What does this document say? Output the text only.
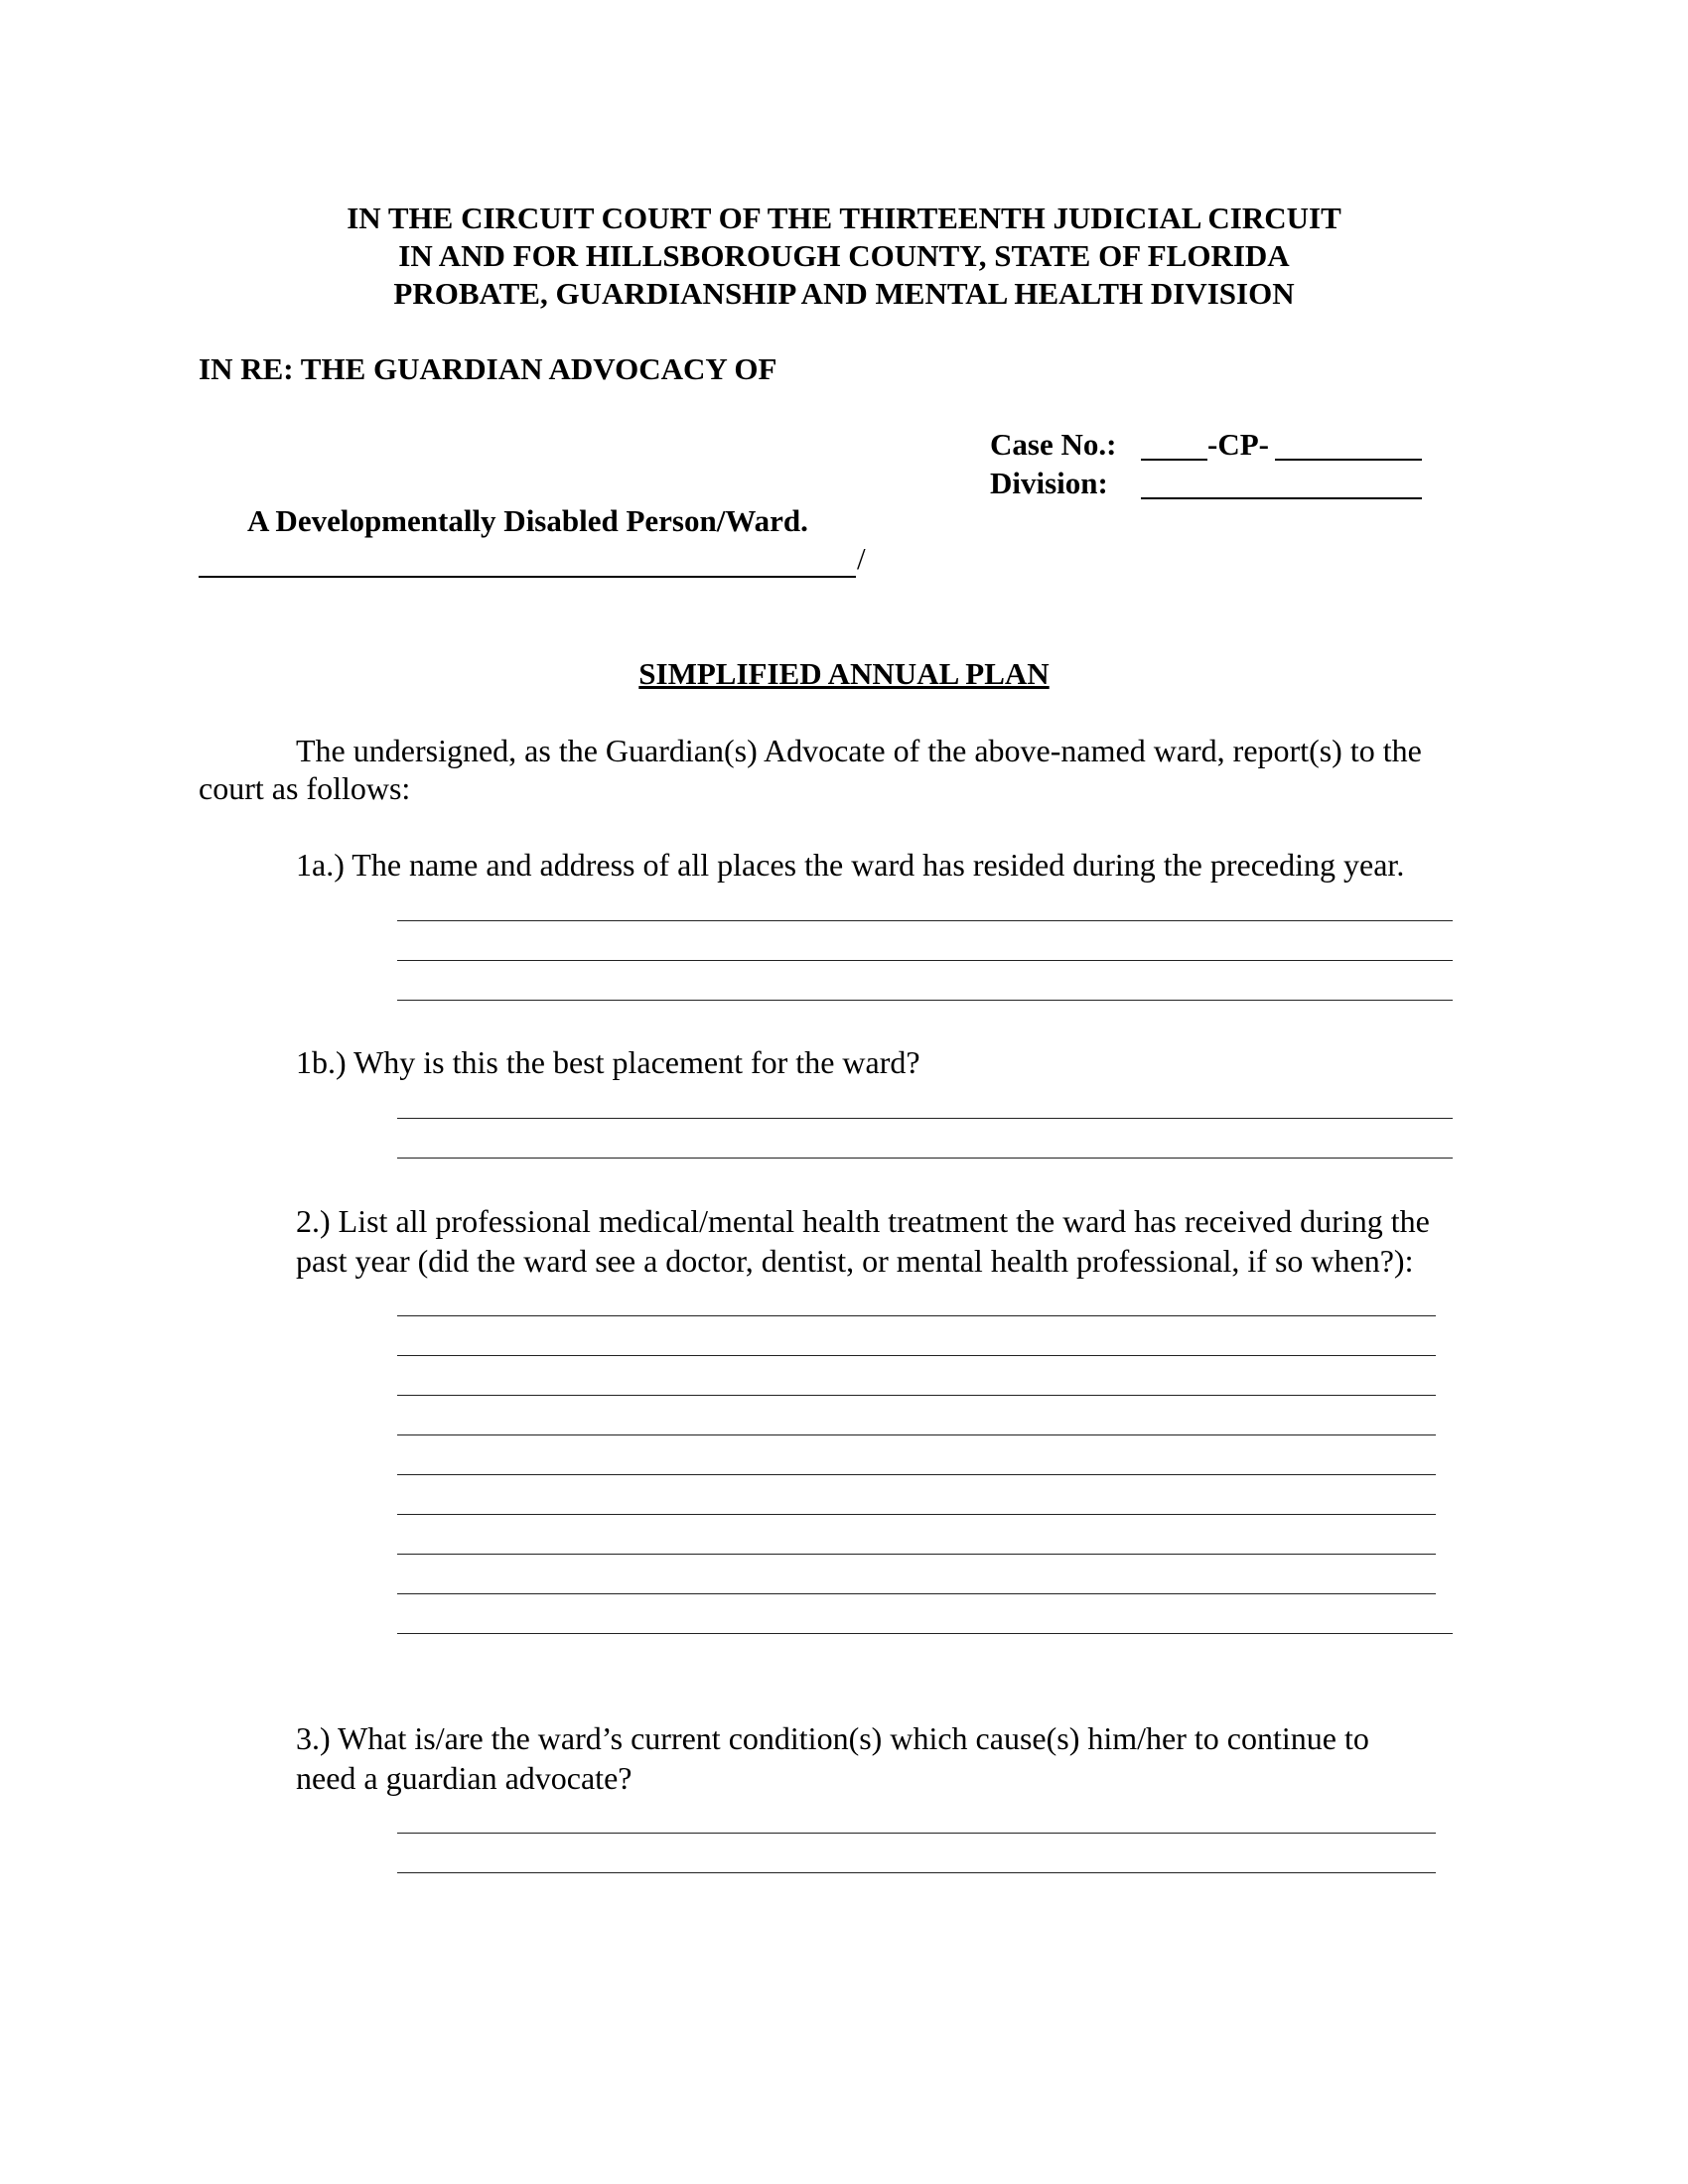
IN THE CIRCUIT COURT OF THE THIRTEENTH JUDICIAL CIRCUIT
IN AND FOR HILLSBOROUGH COUNTY, STATE OF FLORIDA
PROBATE, GUARDIANSHIP AND MENTAL HEALTH DIVISION
IN RE: THE GUARDIAN ADVOCACY OF
Case No.:	-CP-
Division:
A Developmentally Disabled Person/Ward.
/
SIMPLIFIED ANNUAL PLAN
The undersigned, as the Guardian(s) Advocate of the above-named ward, report(s) to the
court as follows:
1a.) The name and address of all places the ward has resided during the preceding year.
1b.) Why is this the best placement for the ward?
2.) List all professional medical/mental health treatment the ward has received during the
past year (did the ward see a doctor, dentist, or mental health professional, if so when?):
3.) What is/are the ward’s current condition(s) which cause(s) him/her to continue to
need a guardian advocate?
